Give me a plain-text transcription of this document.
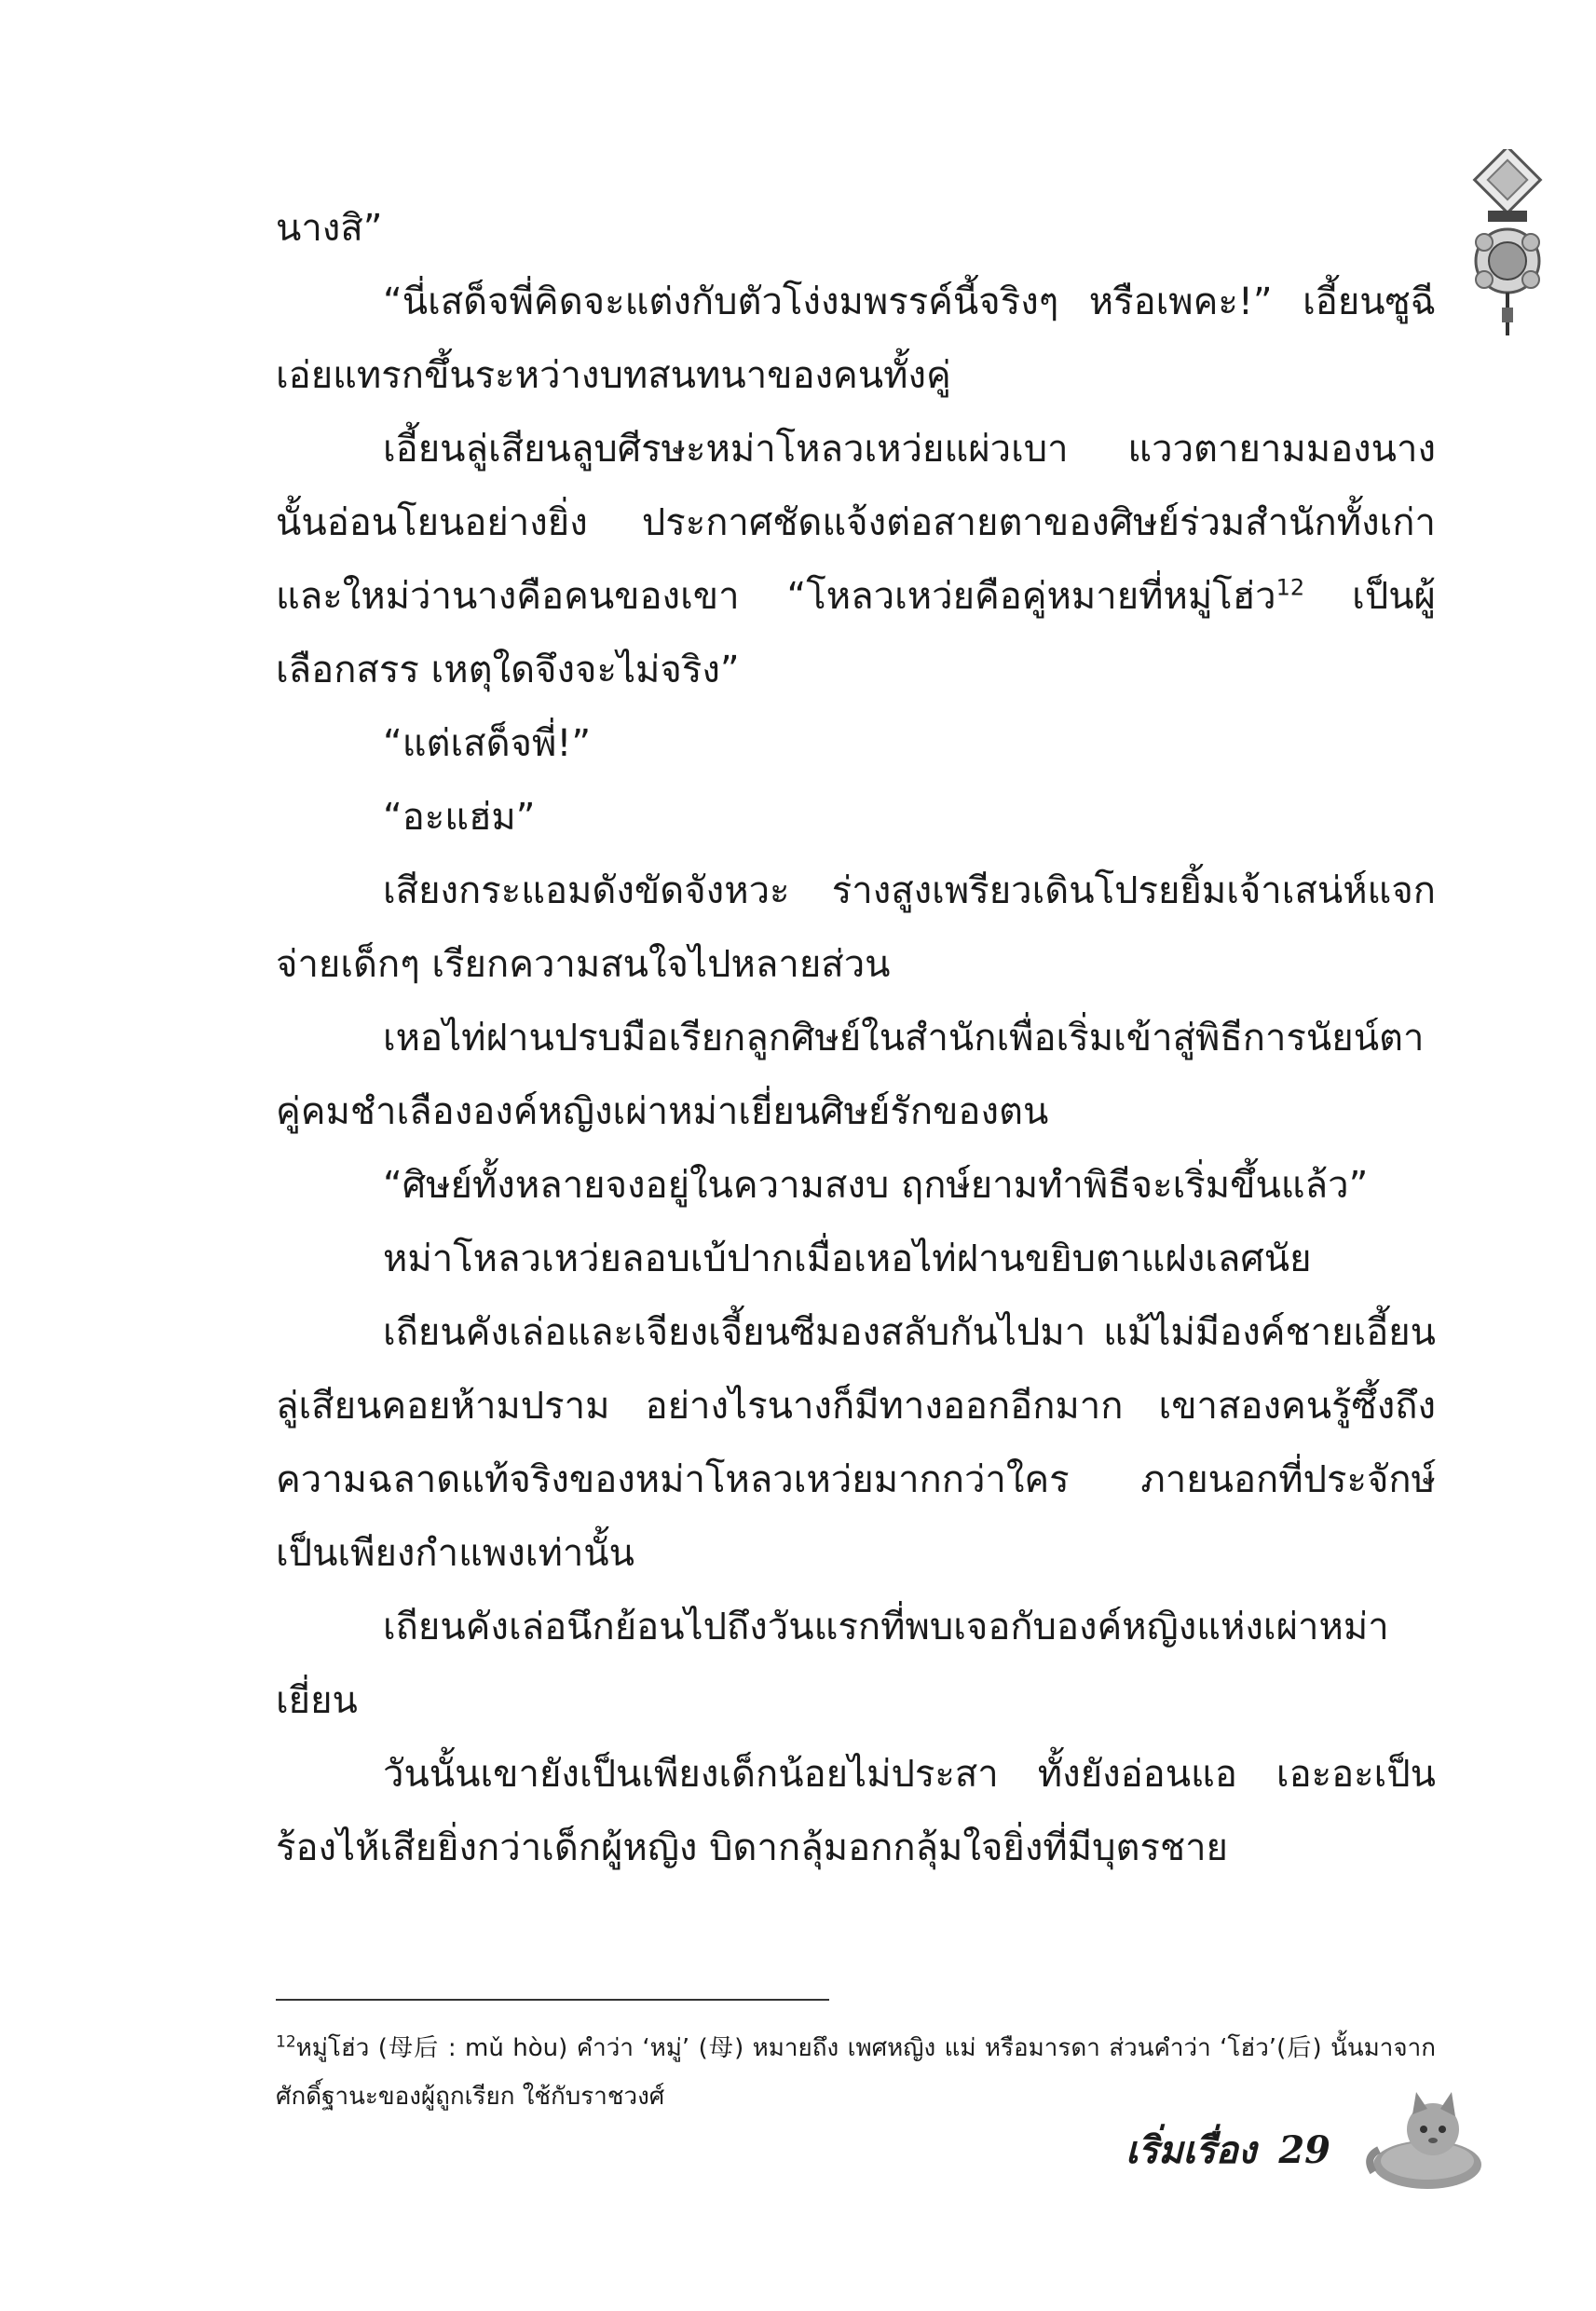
นางสิ”

“นี่เสด็จพี่คิดจะแต่งกับตัวโง่งมพรรค์นี้จริงๆ หรือเพคะ!” เอี้ยนซูฉีเอ่ยแทรกขึ้นระหว่างบทสนทนาของคนทั้งคู่

เอี้ยนลู่เสียนลูบศีรษะหม่าโหลวเหว่ยแผ่วเบา แววตายามมองนางนั้นอ่อนโยนอย่างยิ่ง ประกาศชัดแจ้งต่อสายตาของศิษย์ร่วมสำนักทั้งเก่าและใหม่ว่านางคือคนของเขา “โหลวเหว่ยคือคู่หมายที่หมู่โฮ่ว$^{12}$ เป็นผู้เลือกสรร เหตุใดจึงจะไม่จริง”

“แต่เสด็จพี่!”

“อะแฮ่ม”

เสียงกระแอมดังขัดจังหวะ ร่างสูงเพรียวเดินโปรยยิ้มเจ้าเสน่ห์แจกจ่ายเด็กๆ เรียกความสนใจไปหลายส่วน

เหอไท่ฝานปรบมือเรียกลูกศิษย์ในสำนักเพื่อเริ่มเข้าสู่พิธีการนัยน์ตาคู่คมชำเลืององค์หญิงเผ่าหม่าเยี่ยนศิษย์รักของตน

“ศิษย์ทั้งหลายจงอยู่ในความสงบ ฤกษ์ยามทำพิธีจะเริ่มขึ้นแล้ว”

หม่าโหลวเหว่ยลอบเบ้ปากเมื่อเหอไท่ฝานขยิบตาแฝงเลศนัย

เถียนคังเล่อและเจียงเจี้ยนซีมองสลับกันไปมา แม้ไม่มีองค์ชายเอี้ยนลู่เสียนคอยห้ามปราม อย่างไรนางก็มีทางออกอีกมาก เขาสองคนรู้ซึ้งถึงความฉลาดแท้จริงของหม่าโหลวเหว่ยมากกว่าใคร ภายนอกที่ประจักษ์เป็นเพียงกำแพงเท่านั้น

เถียนคังเล่อนึกย้อนไปถึงวันแรกที่พบเจอกับองค์หญิงแห่งเผ่าหม่าเยี่ยน

วันนั้นเขายังเป็นเพียงเด็กน้อยไม่ประสา ทั้งยังอ่อนแอ เอะอะเป็นร้องไห้เสียยิ่งกว่าเด็กผู้หญิง บิดากลุ้มอกกลุ้มใจยิ่งที่มีบุตรชาย

$^{12}$หมู่โฮ่ว (母后 : mǔ hòu) คำว่า ‘หมู่’ (母) หมายถึง เพศหญิง แม่ หรือมารดา ส่วนคำว่า ‘โฮ่ว’(后) นั้นมาจากศักดิ์ฐานะของผู้ถูกเรียก ใช้กับราชวงศ์
เริ่มเรื่อง 29
